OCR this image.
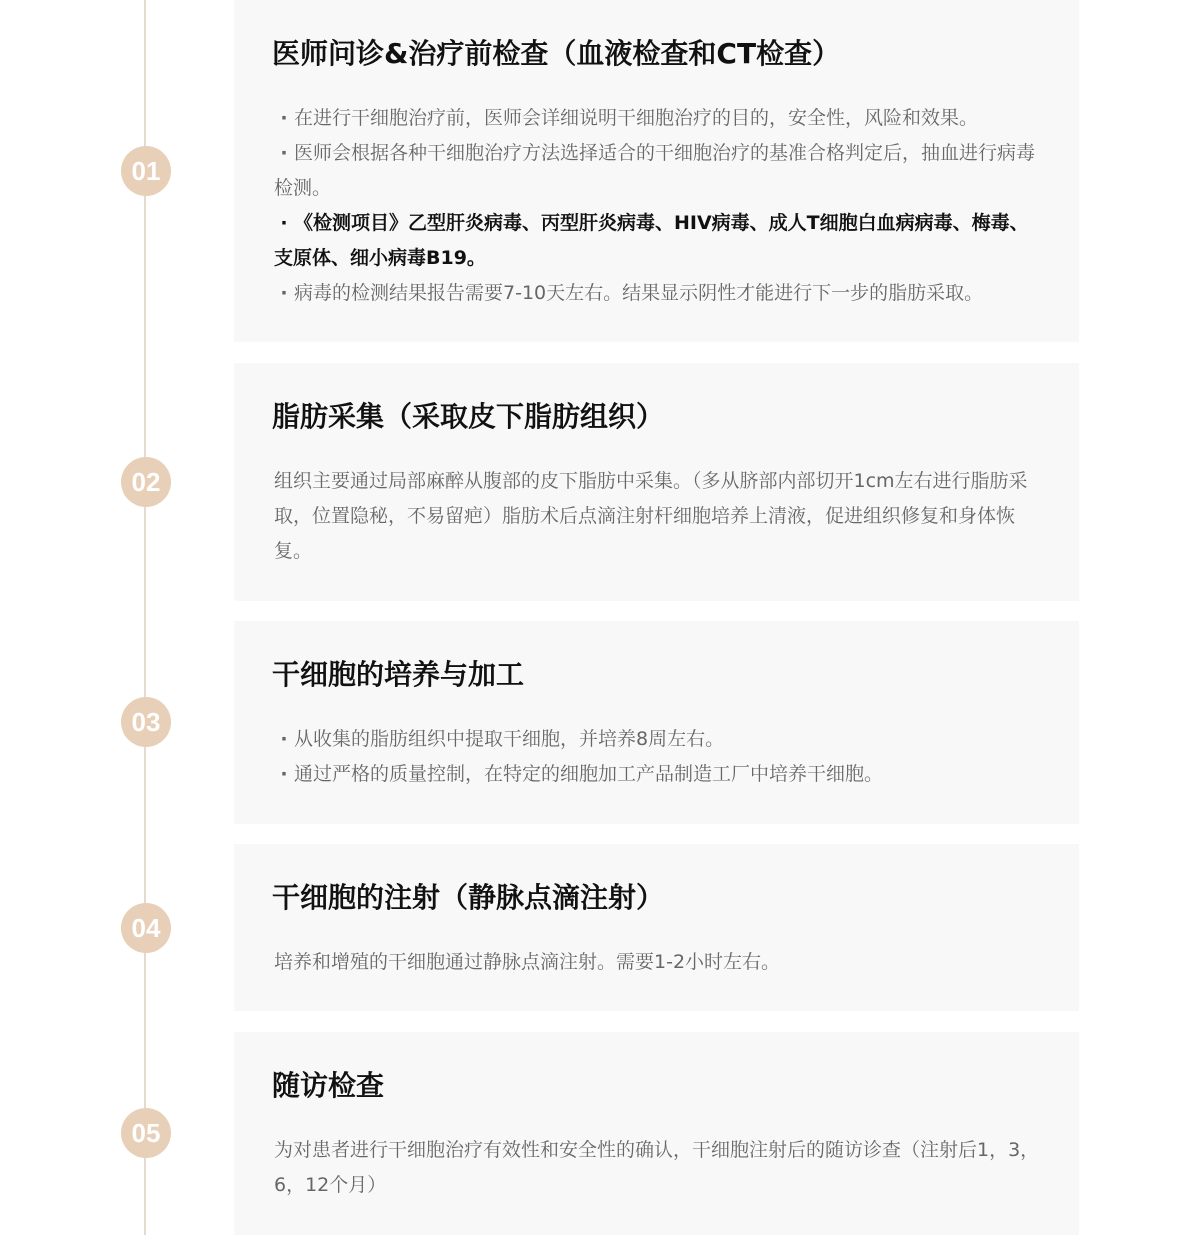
01
医师问诊&治疗前检查（血液检查和CT检查）
· 在进行干细胞治疗前，医师会详细说明干细胞治疗的目的，安全性，风险和效果。
· 医师会根据各种干细胞治疗方法选择适合的干细胞治疗的基准合格判定后，抽血进行病毒检测。
· 《检测项目》乙型肝炎病毒、丙型肝炎病毒、HIV病毒、成人T细胞白血病病毒、梅毒、支原体、细小病毒B19。
· 病毒的检测结果报告需要7-10天左右。结果显示阴性才能进行下一步的脂肪采取。
02
脂肪采集（采取皮下脂肪组织）
组织主要通过局部麻醉从腹部的皮下脂肪中采集。（多从脐部内部切开1cm左右进行脂肪采取，位置隐秘，不易留疤）脂肪术后点滴注射杆细胞培养上清液，促进组织修复和身体恢复。
03
干细胞的培养与加工
· 从收集的脂肪组织中提取干细胞，并培养8周左右。
· 通过严格的质量控制，在特定的细胞加工产品制造工厂中培养干细胞。
04
干细胞的注射（静脉点滴注射）
培养和增殖的干细胞通过静脉点滴注射。需要1-2小时左右。
05
随访检查
为对患者进行干细胞治疗有效性和安全性的确认，干细胞注射后的随访诊查（注射后1，3，6，12个月）
